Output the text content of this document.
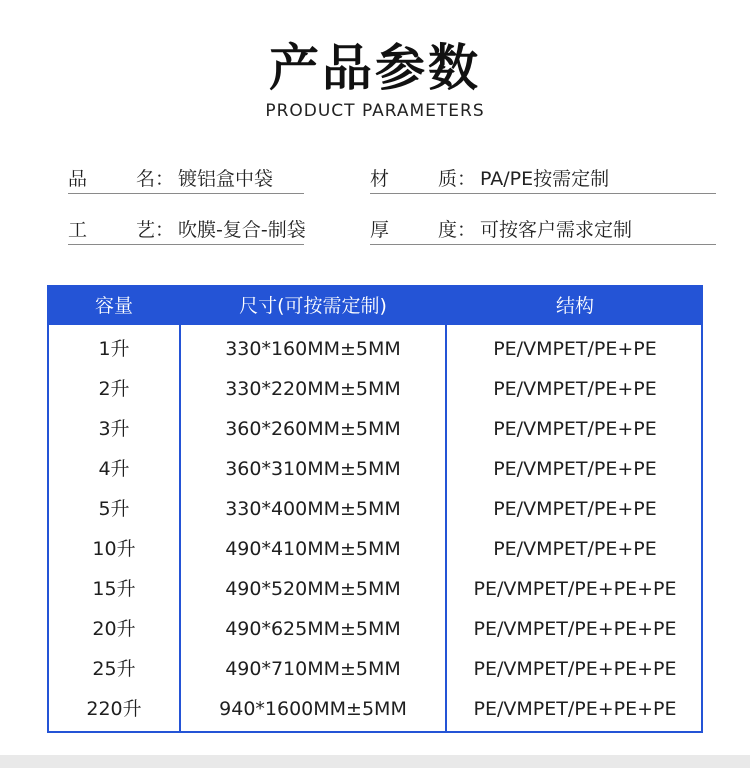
产品参数
PRODUCT PARAMETERS
品	名： 镀铝盒中袋	材	质： PA/PE按需定制
工	艺： 吹膜-复合-制袋	厚	度： 可按客户需求定制
容量	尺寸(可按需定制)	结构
1升	330*160MM±5MM	PE/VMPET/PE+PE
2升	330*220MM±5MM	PE/VMPET/PE+PE
3升	360*260MM±5MM	PE/VMPET/PE+PE
4升	360*310MM±5MM	PE/VMPET/PE+PE
5升	330*400MM±5MM	PE/VMPET/PE+PE
10升	490*410MM±5MM	PE/VMPET/PE+PE
15升	490*520MM±5MM	PE/VMPET/PE+PE+PE
20升	490*625MM±5MM	PE/VMPET/PE+PE+PE
25升	490*710MM±5MM	PE/VMPET/PE+PE+PE
220升	940*1600MM±5MM	PE/VMPET/PE+PE+PE
